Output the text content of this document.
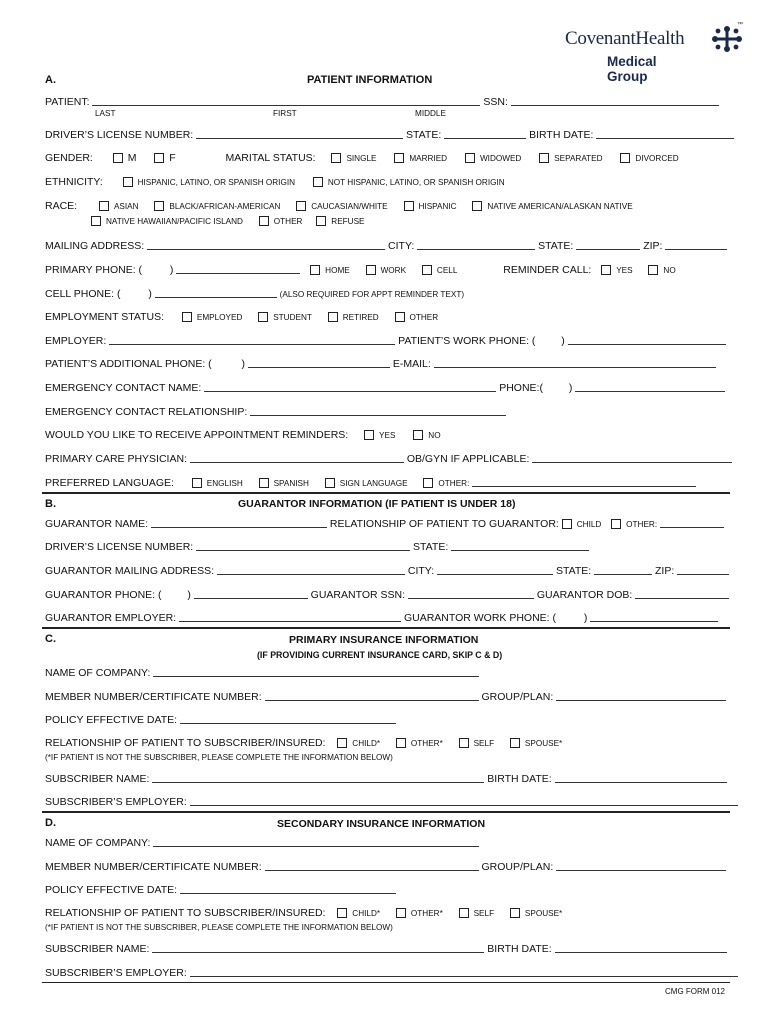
CovenantHealth
™
Medical Group
A.	PATIENT INFORMATION
PATIENT:	SSN:
LAST	FIRST	MIDDLE
DRIVER’S LICENSE NUMBER:	STATE:	BIRTH DATE:
GENDER:	M	F	MARITAL STATUS:	SINGLE	MARRIED	WIDOWED	SEPARATED	DIVORCED
ETHNICITY:	HISPANIC, LATINO, OR SPANISH ORIGIN	NOT HISPANIC, LATINO, OR SPANISH ORIGIN
RACE:	ASIAN	BLACK/AFRICAN-AMERICAN	CAUCASIAN/WHITE	HISPANIC	NATIVE AMERICAN/ALASKAN NATIVE
NATIVE HAWAIIAN/PACIFIC ISLAND	OTHER	REFUSE
MAILING ADDRESS:	CITY:	STATE:	ZIP:
PRIMARY PHONE: (	)	HOME	WORK	CELL	REMINDER CALL:	YES	NO
CELL PHONE: (	)	(ALSO REQUIRED FOR APPT REMINDER TEXT)
EMPLOYMENT STATUS:	EMPLOYED	STUDENT	RETIRED	OTHER
EMPLOYER:	PATIENT’S WORK PHONE: ( )
PATIENT’S ADDITIONAL PHONE: (	)	E-MAIL:
EMERGENCY CONTACT NAME:	PHONE:( )
EMERGENCY CONTACT RELATIONSHIP:
WOULD YOU LIKE TO RECEIVE APPOINTMENT REMINDERS:	YES	NO
PRIMARY CARE PHYSICIAN:	OB/GYN IF APPLICABLE:
PREFERRED LANGUAGE:	ENGLISH	SPANISH	SIGN LANGUAGE	OTHER:
B.	GUARANTOR INFORMATION (IF PATIENT IS UNDER 18)
GUARANTOR NAME:	RELATIONSHIP OF PATIENT TO GUARANTOR: CHILD	OTHER:
DRIVER’S LICENSE NUMBER:	STATE:
GUARANTOR MAILING ADDRESS:	CITY:	STATE:	ZIP:
GUARANTOR PHONE: ( )	GUARANTOR SSN:	GUARANTOR DOB:
GUARANTOR EMPLOYER:	GUARANTOR WORK PHONE: (	)
C.	PRIMARY INSURANCE INFORMATION
(IF PROVIDING CURRENT INSURANCE CARD, SKIP C & D)
NAME OF COMPANY:
MEMBER NUMBER/CERTIFICATE NUMBER:	GROUP/PLAN:
POLICY EFFECTIVE DATE:
RELATIONSHIP OF PATIENT TO SUBSCRIBER/INSURED:	CHILD*	OTHER*	SELF	SPOUSE*
(*IF PATIENT IS NOT THE SUBSCRIBER, PLEASE COMPLETE THE INFORMATION BELOW)
SUBSCRIBER NAME:	BIRTH DATE:
SUBSCRIBER’S EMPLOYER:
D.	SECONDARY INSURANCE INFORMATION
NAME OF COMPANY:
MEMBER NUMBER/CERTIFICATE NUMBER:	GROUP/PLAN:
POLICY EFFECTIVE DATE:
RELATIONSHIP OF PATIENT TO SUBSCRIBER/INSURED:	CHILD*	OTHER*	SELF	SPOUSE*
(*IF PATIENT IS NOT THE SUBSCRIBER, PLEASE COMPLETE THE INFORMATION BELOW)
SUBSCRIBER NAME:	BIRTH DATE:
SUBSCRIBER’S EMPLOYER:
CMG FORM 012
